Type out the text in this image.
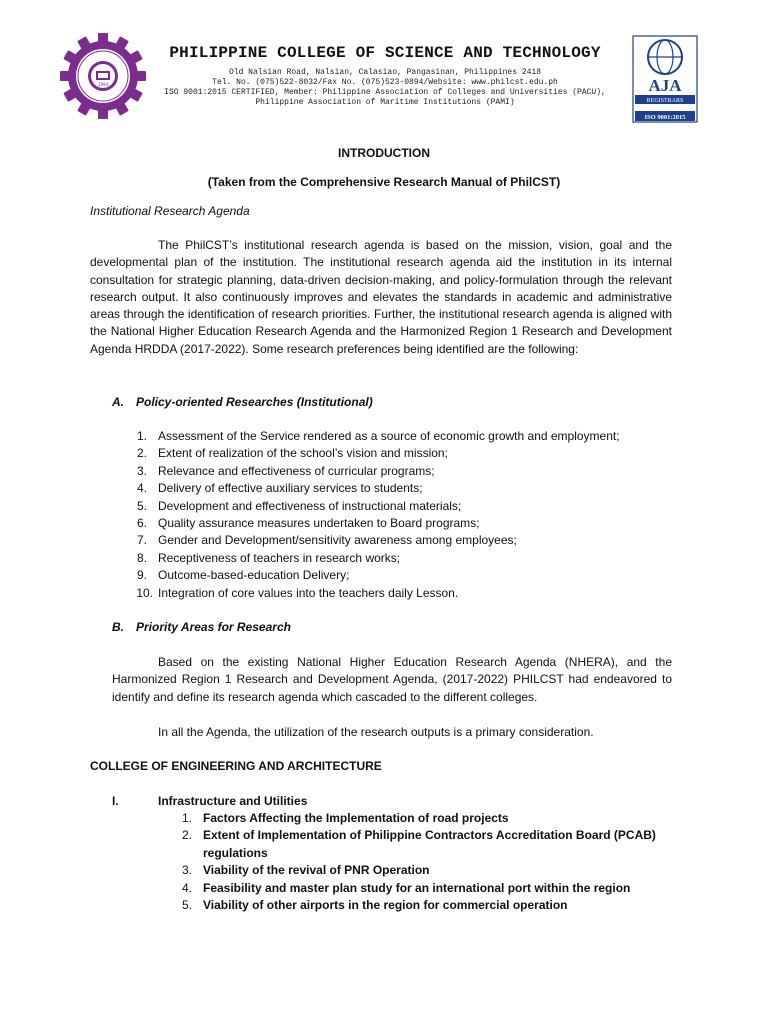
1994
PHILIPPINE COLLEGE OF SCIENCE AND TECHNOLOGY
Old Nalsian Road, Nalsian, Calasiao, Pangasinan, Philippines 2418
Tel. No. (075)522-8032/Fax No. (075)523-0894/Website: www.philcst.edu.ph
ISO 9001:2015 CERTIFIED, Member: Philippine Association of Colleges and Universities (PACU),
Philippine Association of Maritime Institutions (PAMI)
AJA
REGISTRARS
ISO 9001:2015
INTRODUCTION
(Taken from the Comprehensive Research Manual of PhilCST)
Institutional Research Agenda
The PhilCST’s institutional research agenda is based on the mission, vision, goal and the developmental plan of the institution. The institutional research agenda aid the institution in its internal consultation for strategic planning, data-driven decision-making, and policy-formulation through the relevant research output. It also continuously improves and elevates the standards in academic and administrative areas through the identification of research priorities. Further, the institutional research agenda is aligned with the National Higher Education Research Agenda and the Harmonized Region 1 Research and Development Agenda HRDDA (2017-2022). Some research preferences being identified are the following:
A. Policy-oriented Researches (Institutional)
1. Assessment of the Service rendered as a source of economic growth and employment;
2. Extent of realization of the school’s vision and mission;
3. Relevance and effectiveness of curricular programs;
4. Delivery of effective auxiliary services to students;
5. Development and effectiveness of instructional materials;
6. Quality assurance measures undertaken to Board programs;
7. Gender and Development/sensitivity awareness among employees;
8. Receptiveness of teachers in research works;
9. Outcome-based-education Delivery;
10. Integration of core values into the teachers daily Lesson.
B. Priority Areas for Research
Based on the existing National Higher Education Research Agenda (NHERA), and the Harmonized Region 1 Research and Development Agenda, (2017-2022) PHILCST had endeavored to identify and define its research agenda which cascaded to the different colleges.
In all the Agenda, the utilization of the research outputs is a primary consideration.
COLLEGE OF ENGINEERING AND ARCHITECTURE
I.	Infrastructure and Utilities
1. Factors Affecting the Implementation of road projects
2. Extent of Implementation of Philippine Contractors Accreditation Board (PCAB)
regulations
3. Viability of the revival of PNR Operation
4. Feasibility and master plan study for an international port within the region
5. Viability of other airports in the region for commercial operation
